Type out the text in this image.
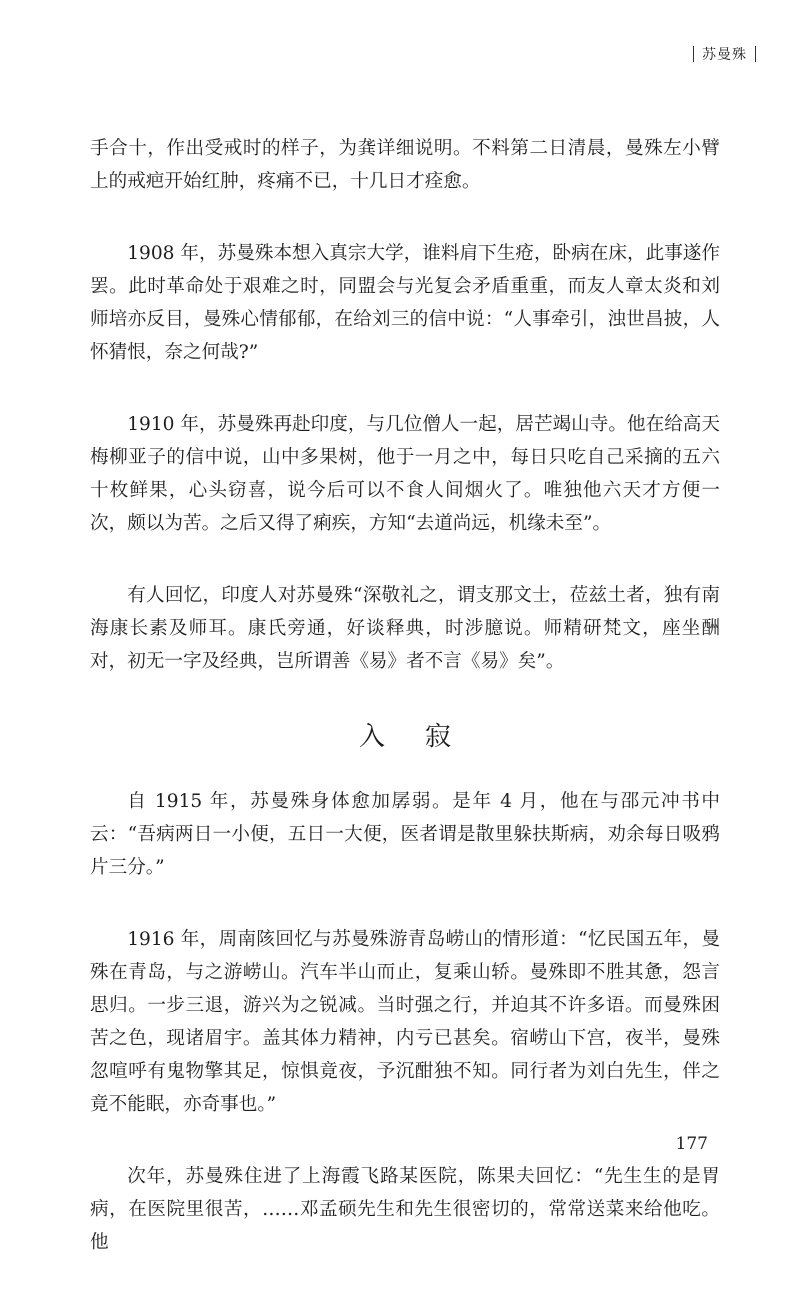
苏曼殊

手合十，作出受戒时的样子，为龚详细说明。不料第二日清晨，曼殊左小臂上的戒疤开始红肿，疼痛不已，十几日才痊愈。

1908 年，苏曼殊本想入真宗大学，谁料肩下生疮，卧病在床，此事遂作罢。此时革命处于艰难之时，同盟会与光复会矛盾重重，而友人章太炎和刘师培亦反目，曼殊心情郁郁，在给刘三的信中说：“人事牵引，浊世昌披，人怀猜恨，奈之何哉?”

1910 年，苏曼殊再赴印度，与几位僧人一起，居芒竭山寺。他在给高天梅柳亚子的信中说，山中多果树，他于一月之中，每日只吃自己采摘的五六十枚鲜果，心头窃喜，说今后可以不食人间烟火了。唯独他六天才方便一次，颇以为苦。之后又得了痢疾，方知“去道尚远，机缘未至”。

有人回忆，印度人对苏曼殊“深敬礼之，谓支那文士，莅兹土者，独有南海康长素及师耳。康氏旁通，好谈释典，时涉臆说。师精研梵文，座坐酬对，初无一字及经典，岂所谓善《易》者不言《易》矣”。

入寂

自 1915 年，苏曼殊身体愈加孱弱。是年 4 月，他在与邵元冲书中云：“吾病两日一小便，五日一大便，医者谓是散里躲扶斯病，劝余每日吸鸦片三分。”

1916 年，周南陔回忆与苏曼殊游青岛崂山的情形道：“忆民国五年，曼殊在青岛，与之游崂山。汽车半山而止，复乘山轿。曼殊即不胜其惫，怨言思归。一步三退，游兴为之锐减。当时强之行，并迫其不许多语。而曼殊困苦之色，现诸眉宇。盖其体力精神，内亏已甚矣。宿崂山下宫，夜半，曼殊忽喧呼有鬼物擎其足，惊惧竟夜，予沉酣独不知。同行者为刘白先生，伴之竟不能眠，亦奇事也。”

次年，苏曼殊住进了上海霞飞路某医院，陈果夫回忆：“先生生的是胃病，在医院里很苦，……邓孟硕先生和先生很密切的，常常送菜来给他吃。他

177
